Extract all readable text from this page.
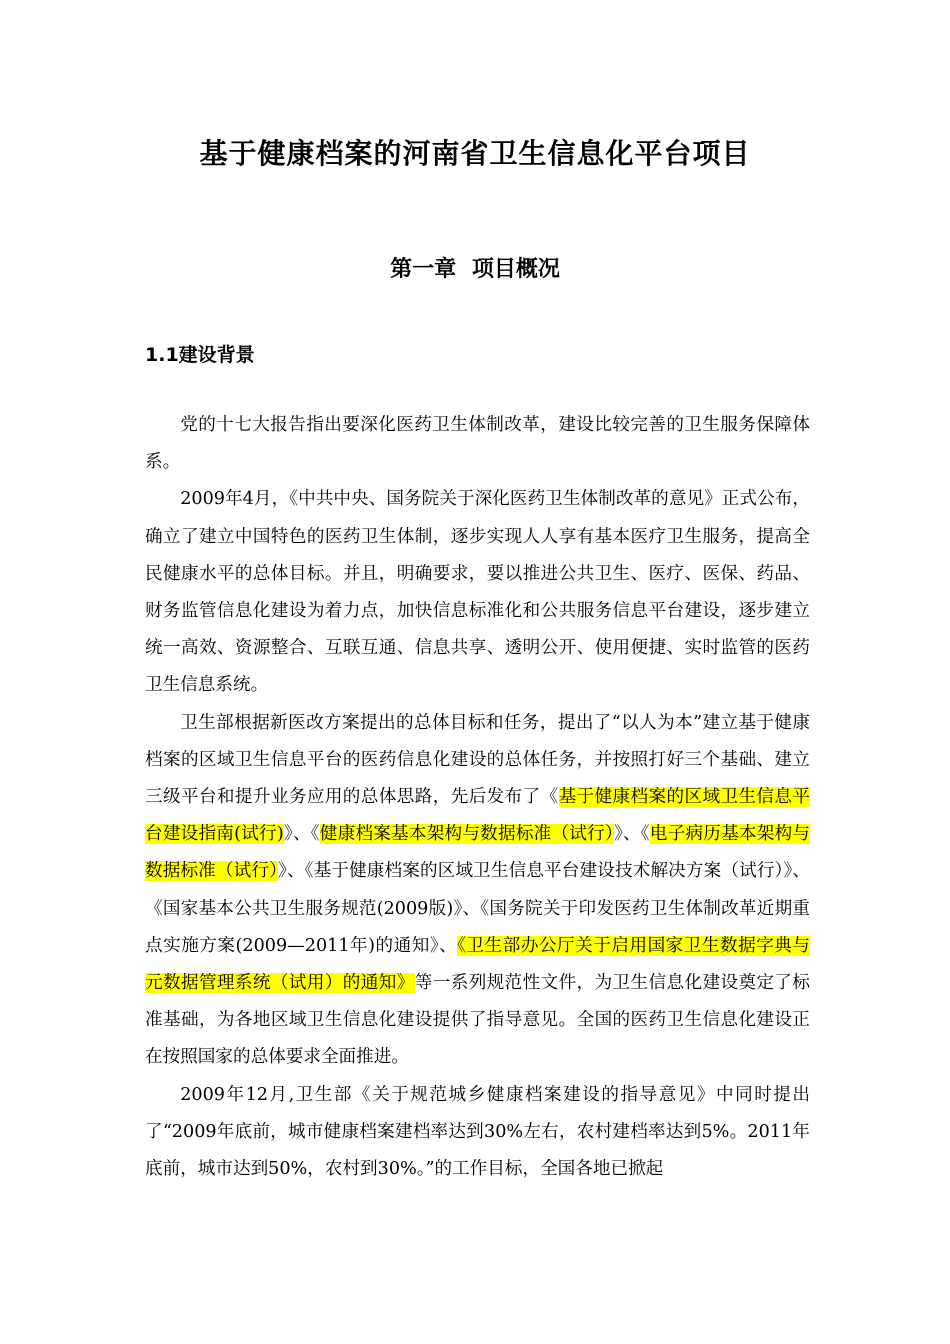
基于健康档案的河南省卫生信息化平台项目
第一章 项目概况
1.1建设背景

党的十七大报告指出要深化医药卫生体制改革，建设比较完善的卫生服务保障体系。

2009年4月，《中共中央、国务院关于深化医药卫生体制改革的意见》正式公布，确立了建立中国特色的医药卫生体制，逐步实现人人享有基本医疗卫生服务，提高全民健康水平的总体目标。并且，明确要求，要以推进公共卫生、医疗、医保、药品、财务监管信息化建设为着力点，加快信息标准化和公共服务信息平台建设，逐步建立统一高效、资源整合、互联互通、信息共享、透明公开、使用便捷、实时监管的医药卫生信息系统。

卫生部根据新医改方案提出的总体目标和任务，提出了“以人为本”建立基于健康档案的区域卫生信息平台的医药信息化建设的总体任务，并按照打好三个基础、建立三级平台和提升业务应用的总体思路，先后发布了《基于健康档案的区域卫生信息平台建设指南(试行)》、《健康档案基本架构与数据标准（试行）》、《电子病历基本架构与数据标准（试行）》、《基于健康档案的区域卫生信息平台建设技术解决方案（试行）》、《国家基本公共卫生服务规范(2009版)》、《国务院关于印发医药卫生体制改革近期重点实施方案(2009—2011年)的通知》、《卫生部办公厅关于启用国家卫生数据字典与元数据管理系统（试用）的通知》等一系列规范性文件，为卫生信息化建设奠定了标准基础，为各地区域卫生信息化建设提供了指导意见。全国的医药卫生信息化建设正在按照国家的总体要求全面推进。

2009年12月,卫生部《关于规范城乡健康档案建设的指导意见》中同时提出了“2009年底前，城市健康档案建档率达到30%左右，农村建档率达到5%。2011年底前，城市达到50%，农村到30%。”的工作目标，全国各地已掀起
